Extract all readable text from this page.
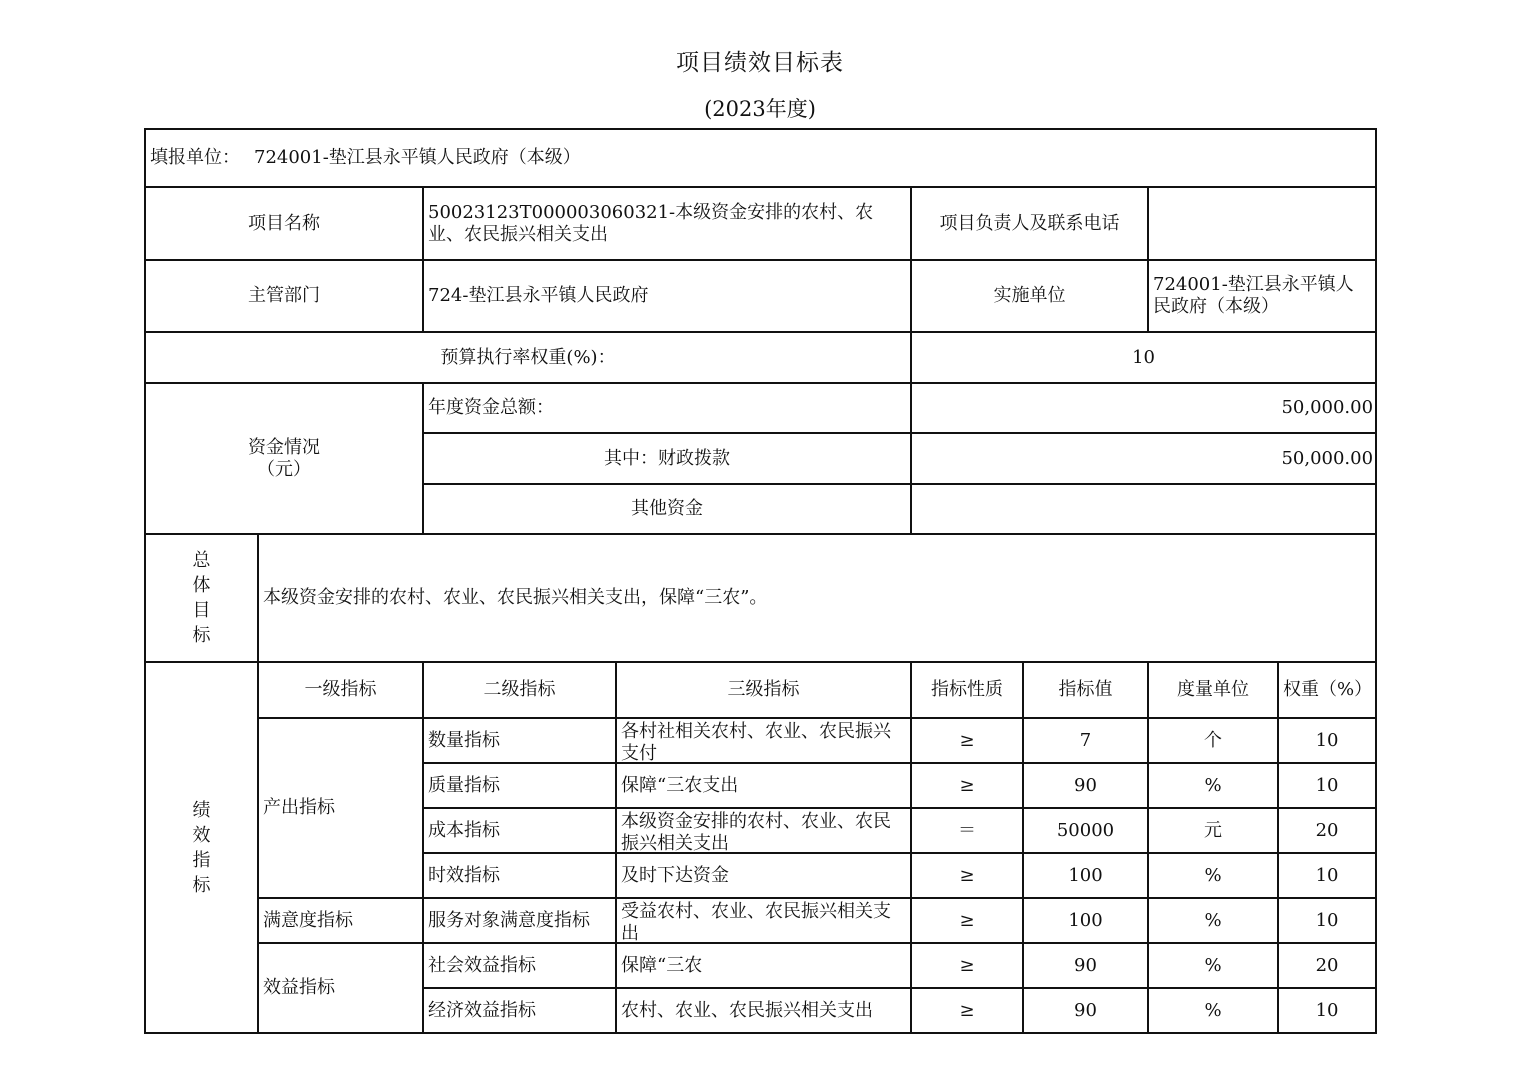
项目绩效目标表
(2023年度)
填报单位： 724001-垫江县永平镇人民政府（本级）							
项目名称		50023123T000003060321-本级资金安排的农村、农业、农民振兴相关支出		项目负责人及联系电话			
主管部门		724-垫江县永平镇人民政府		实施单位		724001-垫江县永平镇人民政府（本级）	

预算执行率权重(%)：				10			

资金情况
（元）		年度资金总额：		50,000.00			
		其中：财政拨款		50,000.00			
		其他资金					

总
体
目
标	本级资金安排的农村、农业、农民振兴相关支出，保障“三农”。						

绩
效
指
标	一级指标	二级指标	三级指标	指标性质	指标值	度量单位	权重（%）
	产出指标	数量指标	各村社相关农村、农业、农民振兴支付	≥	7	个	10
		质量指标	保障“三农支出	≥	90	%	10
		成本指标	本级资金安排的农村、农业、农民振兴相关支出	＝	50000	元	20
		时效指标	及时下达资金	≥	100	%	10
	满意度指标	服务对象满意度指标	受益农村、农业、农民振兴相关支出	≥	100	%	10
	效益指标	社会效益指标	保障“三农	≥	90	%	20
		经济效益指标	农村、农业、农民振兴相关支出	≥	90	%	10
